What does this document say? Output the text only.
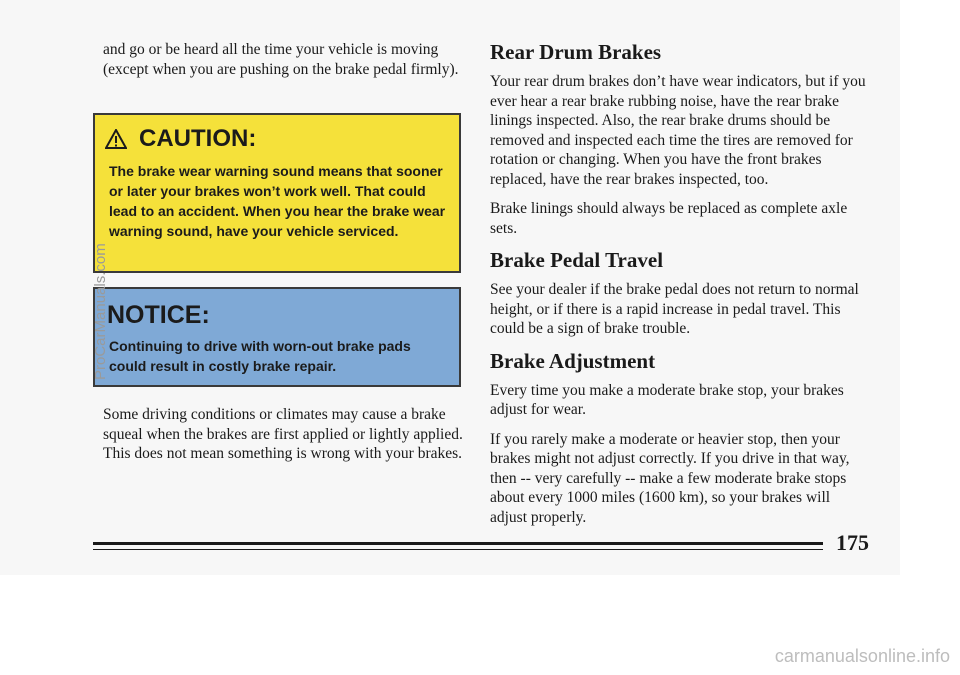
and go or be heard all the time your vehicle is moving (except when you are pushing on the brake pedal firmly).

CAUTION:
The brake wear warning sound means that sooner or later your brakes won’t work well. That could lead to an accident. When you hear the brake wear warning sound, have your vehicle serviced.
NOTICE:
Continuing to drive with worn-out brake pads could result in costly brake repair.

Some driving conditions or climates may cause a brake squeal when the brakes are first applied or lightly applied. This does not mean something is wrong with your brakes.

Rear Drum Brakes

Your rear drum brakes don’t have wear indicators, but if you ever hear a rear brake rubbing noise, have the rear brake linings inspected. Also, the rear brake drums should be removed and inspected each time the tires are removed for rotation or changing. When you have the front brakes replaced, have the rear brakes inspected, too.

Brake linings should always be replaced as complete axle sets.

Brake Pedal Travel

See your dealer if the brake pedal does not return to normal height, or if there is a rapid increase in pedal travel. This could be a sign of brake trouble.

Brake Adjustment

Every time you make a moderate brake stop, your brakes adjust for wear.

If you rarely make a moderate or heavier stop, then your brakes might not adjust correctly. If you drive in that way, then -- very carefully -- make a few moderate brake stops about every 1000 miles (1600 km), so your brakes will adjust properly.

175
ProCarManuals.com
carmanualsonline.info
